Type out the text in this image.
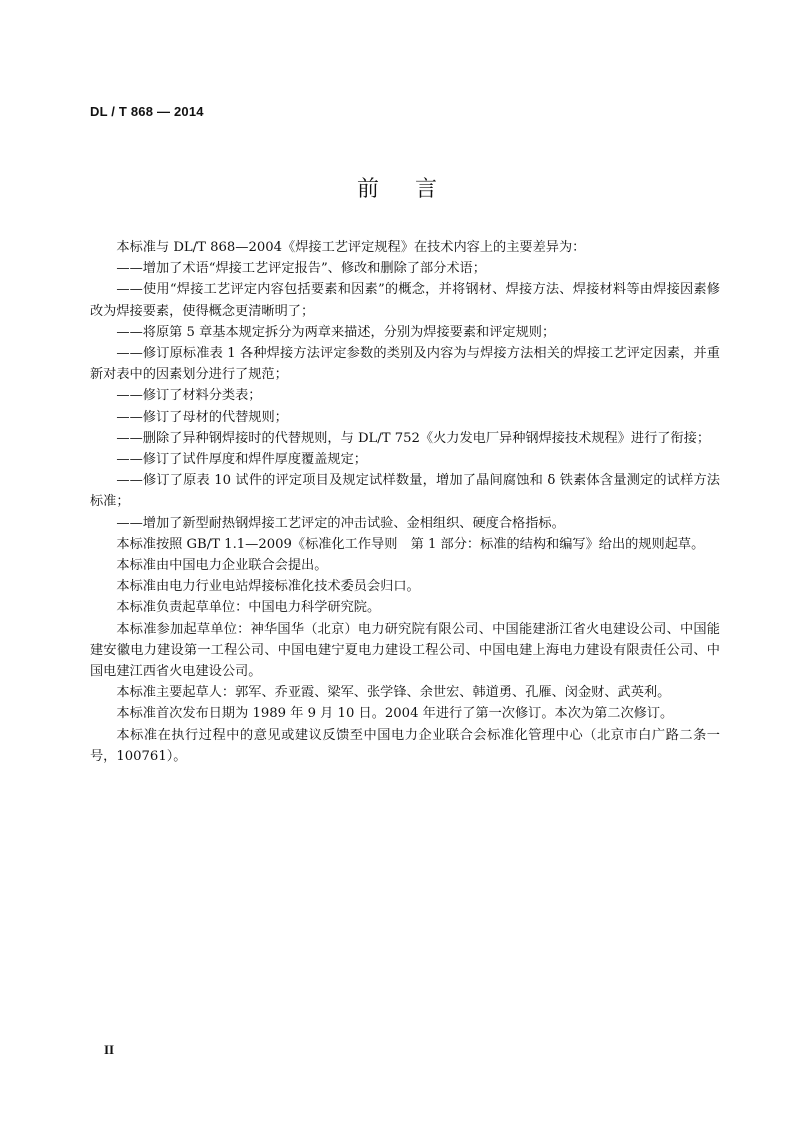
DL / T 868 — 2014
前 言

本标准与 DL/T 868—2004《焊接工艺评定规程》在技术内容上的主要差异为：

——增加了术语“焊接工艺评定报告”、修改和删除了部分术语；

——使用“焊接工艺评定内容包括要素和因素”的概念，并将钢材、焊接方法、焊接材料等由焊接因素修改为焊接要素，使得概念更清晰明了；

——将原第 5 章基本规定拆分为两章来描述，分别为焊接要素和评定规则；

——修订原标准表 1 各种焊接方法评定参数的类别及内容为与焊接方法相关的焊接工艺评定因素，并重新对表中的因素划分进行了规范；

——修订了材料分类表；

——修订了母材的代替规则；

——删除了异种钢焊接时的代替规则，与 DL/T 752《火力发电厂异种钢焊接技术规程》进行了衔接；

——修订了试件厚度和焊件厚度覆盖规定；

——修订了原表 10 试件的评定项目及规定试样数量，增加了晶间腐蚀和 δ 铁素体含量测定的试样方法标准；

——增加了新型耐热钢焊接工艺评定的冲击试验、金相组织、硬度合格指标。

本标准按照 GB/T 1.1—2009《标准化工作导则　第 1 部分：标准的结构和编写》给出的规则起草。

本标准由中国电力企业联合会提出。

本标准由电力行业电站焊接标准化技术委员会归口。

本标准负责起草单位：中国电力科学研究院。

本标准参加起草单位：神华国华（北京）电力研究院有限公司、中国能建浙江省火电建设公司、中国能建安徽电力建设第一工程公司、中国电建宁夏电力建设工程公司、中国电建上海电力建设有限责任公司、中国电建江西省火电建设公司。

本标准主要起草人：郭军、乔亚霞、梁军、张学锋、余世宏、韩道勇、孔雁、闵金财、武英利。

本标准首次发布日期为 1989 年 9 月 10 日。2004 年进行了第一次修订。本次为第二次修订。

本标准在执行过程中的意见或建议反馈至中国电力企业联合会标准化管理中心（北京市白广路二条一号，100761）。

II
